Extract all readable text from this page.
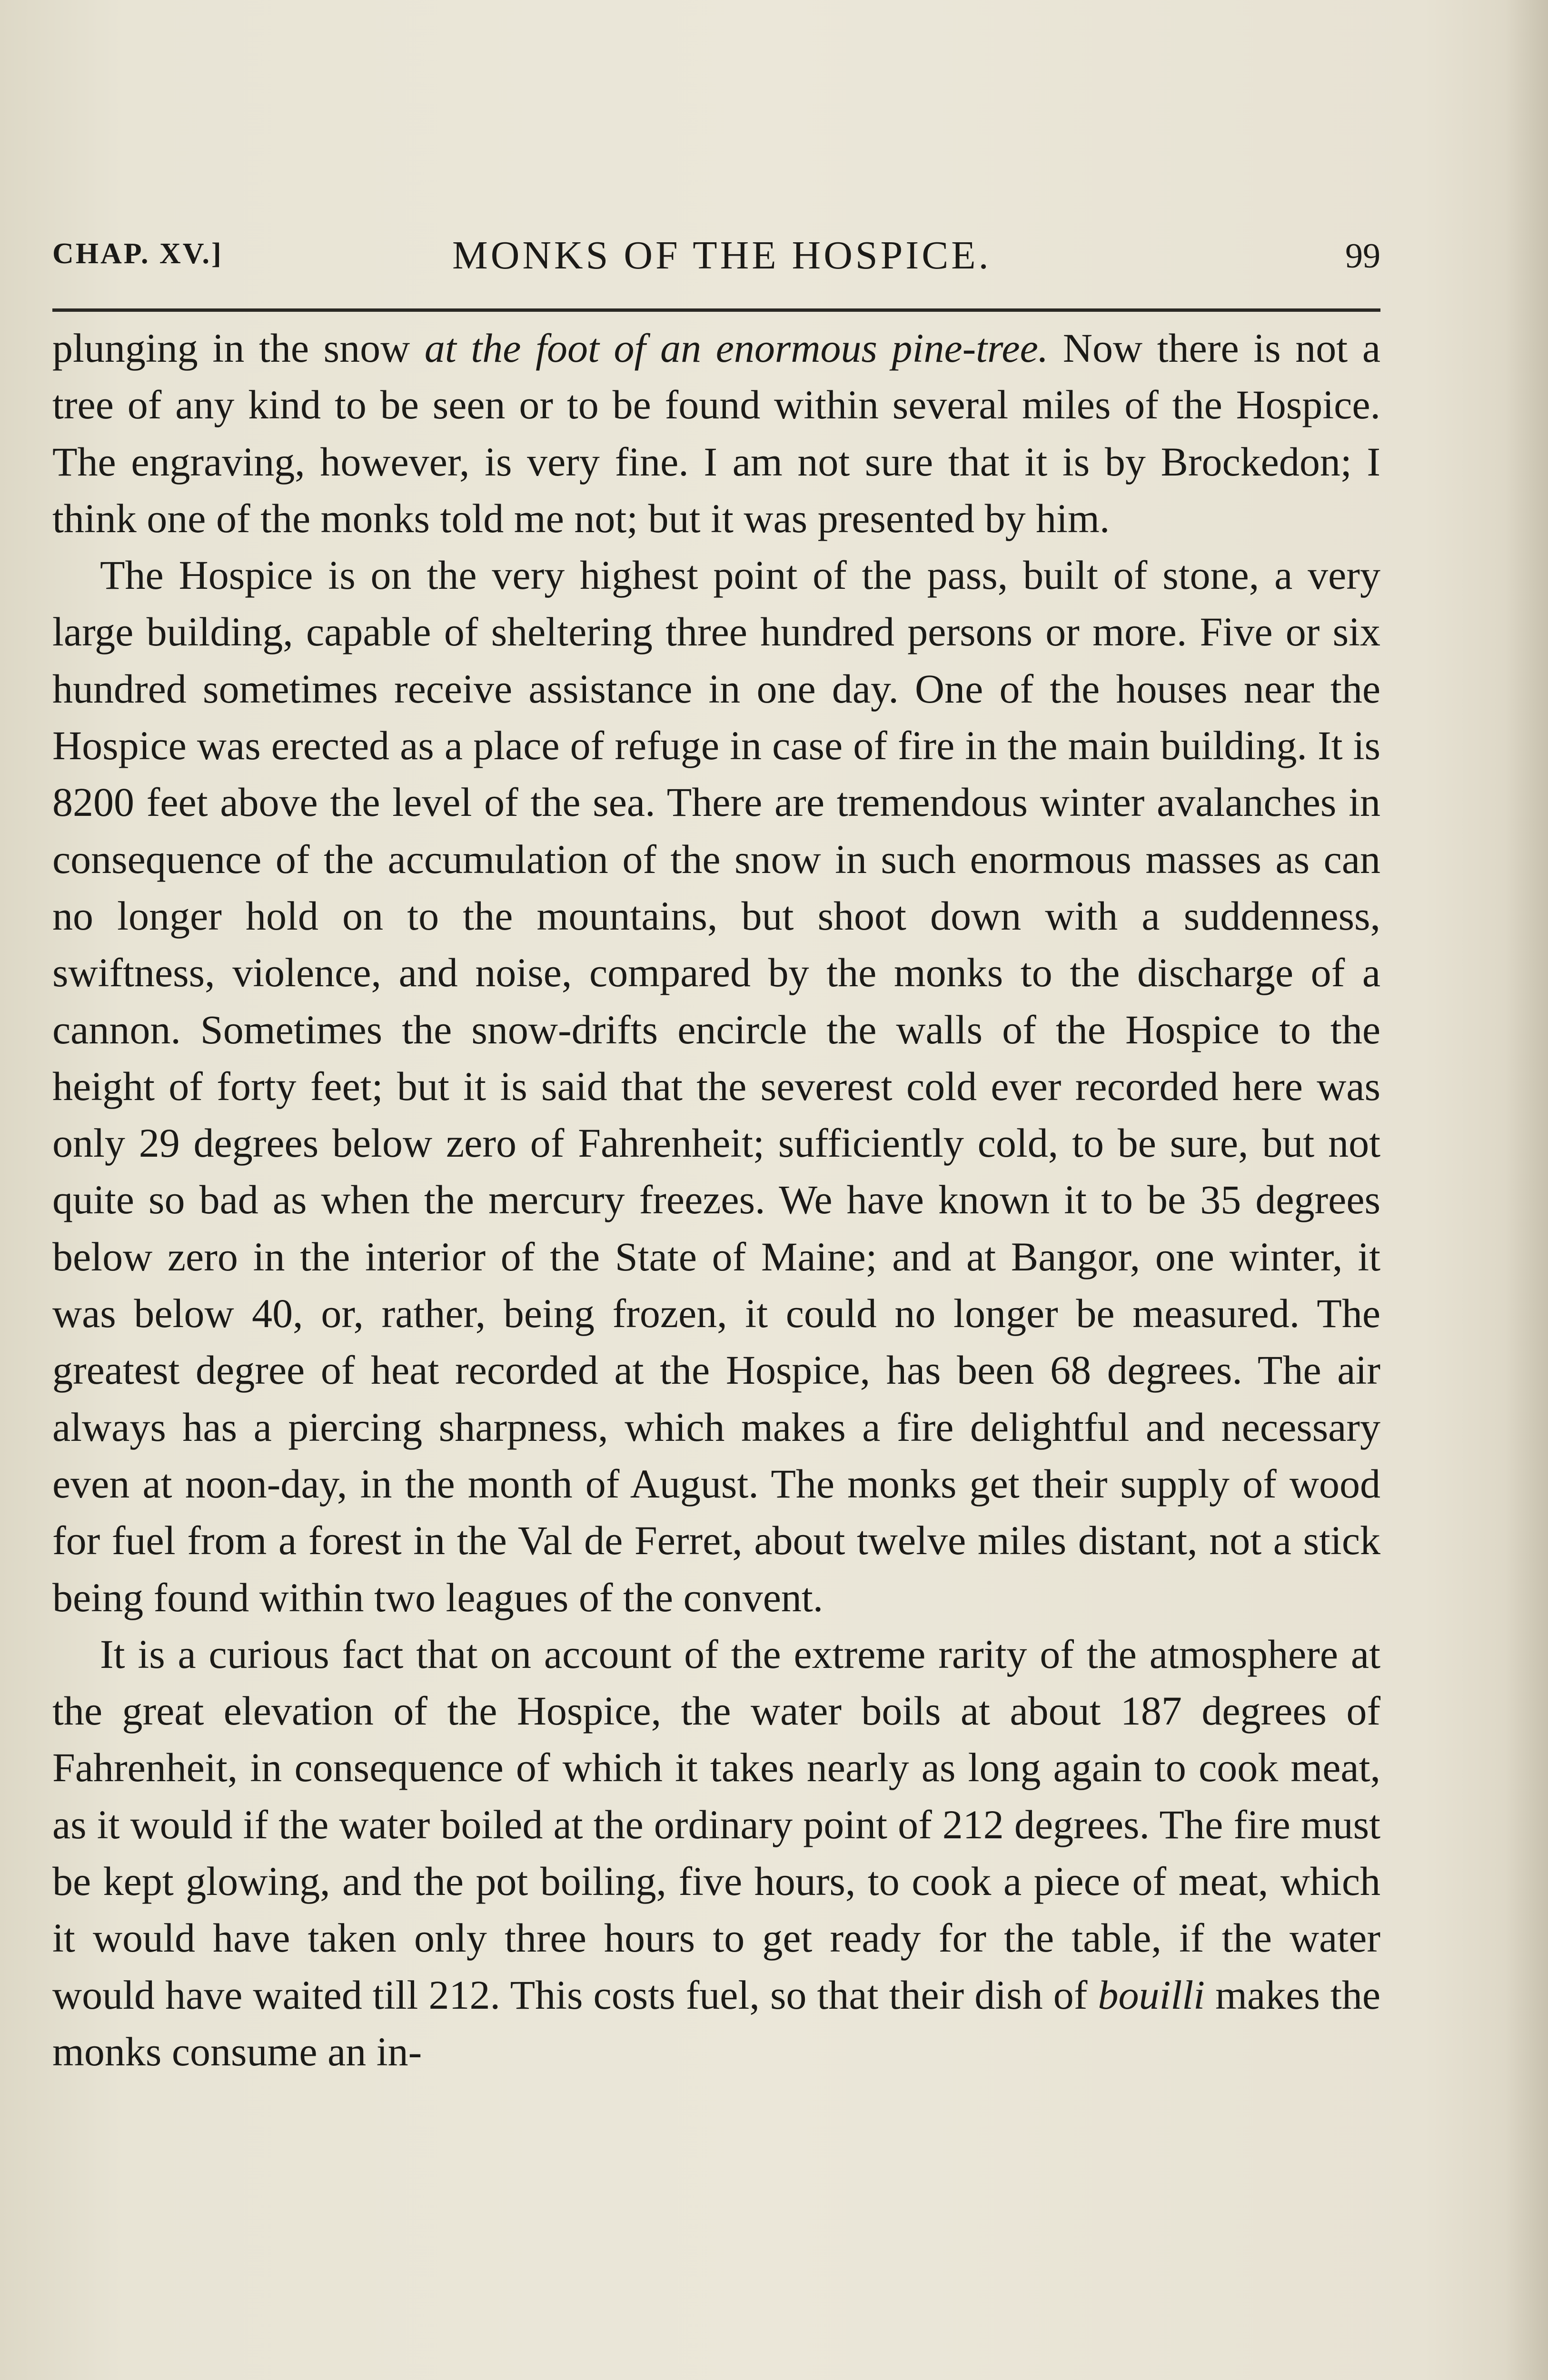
CHAP. XV.]	MONKS OF THE HOSPICE.	99

plunging in the snow at the foot of an enormous pine-tree. Now there is not a tree of any kind to be seen or to be found within several miles of the Hospice. The engraving, however, is very fine. I am not sure that it is by Brockedon; I think one of the monks told me not; but it was presented by him.

The Hospice is on the very highest point of the pass, built of stone, a very large building, capable of sheltering three hundred persons or more. Five or six hundred sometimes receive assistance in one day. One of the houses near the Hospice was erected as a place of refuge in case of fire in the main building. It is 8200 feet above the level of the sea. There are tremendous winter avalanches in consequence of the accumulation of the snow in such enormous masses as can no longer hold on to the mountains, but shoot down with a suddenness, swiftness, violence, and noise, compared by the monks to the discharge of a cannon. Sometimes the snow-drifts encircle the walls of the Hospice to the height of forty feet; but it is said that the severest cold ever recorded here was only 29 degrees below zero of Fahrenheit; sufficiently cold, to be sure, but not quite so bad as when the mercury freezes. We have known it to be 35 degrees below zero in the interior of the State of Maine; and at Bangor, one winter, it was below 40, or, rather, being frozen, it could no longer be measured. The greatest degree of heat recorded at the Hospice, has been 68 degrees. The air always has a piercing sharpness, which makes a fire delightful and necessary even at noon-day, in the month of August. The monks get their supply of wood for fuel from a forest in the Val de Ferret, about twelve miles distant, not a stick being found within two leagues of the convent.

It is a curious fact that on account of the extreme rarity of the atmosphere at the great elevation of the Hospice, the water boils at about 187 degrees of Fahrenheit, in consequence of which it takes nearly as long again to cook meat, as it would if the water boiled at the ordinary point of 212 degrees. The fire must be kept glowing, and the pot boiling, five hours, to cook a piece of meat, which it would have taken only three hours to get ready for the table, if the water would have waited till 212. This costs fuel, so that their dish of bouilli makes the monks consume an in-
